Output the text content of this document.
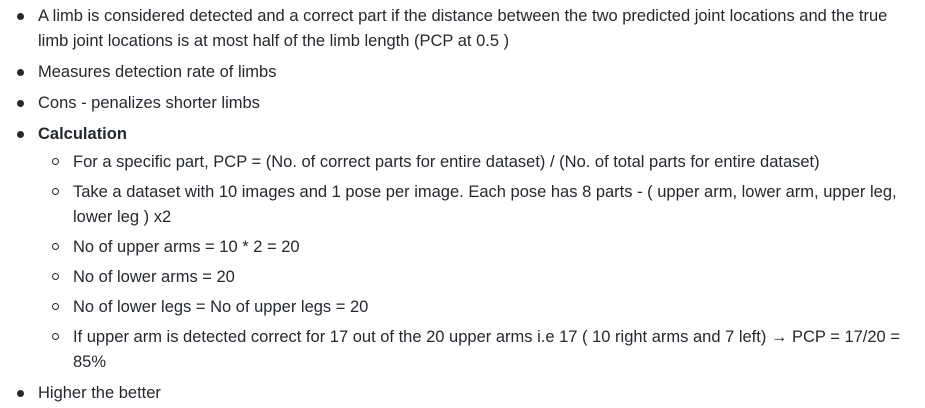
A limb is considered detected and a correct part if the distance between the two predicted joint locations and the true limb joint locations is at most half of the limb length (PCP at 0.5 )
Measures detection rate of limbs
Cons - penalizes shorter limbs
Calculation
For a specific part, PCP = (No. of correct parts for entire dataset) / (No. of total parts for entire dataset)
Take a dataset with 10 images and 1 pose per image. Each pose has 8 parts - ( upper arm, lower arm, upper leg, lower leg ) x2
No of upper arms = 10 * 2 = 20
No of lower arms = 20
No of lower legs = No of upper legs = 20
If upper arm is detected correct for 17 out of the 20 upper arms i.e 17 ( 10 right arms and 7 left) → PCP = 17/20 = 85%
Higher the better
